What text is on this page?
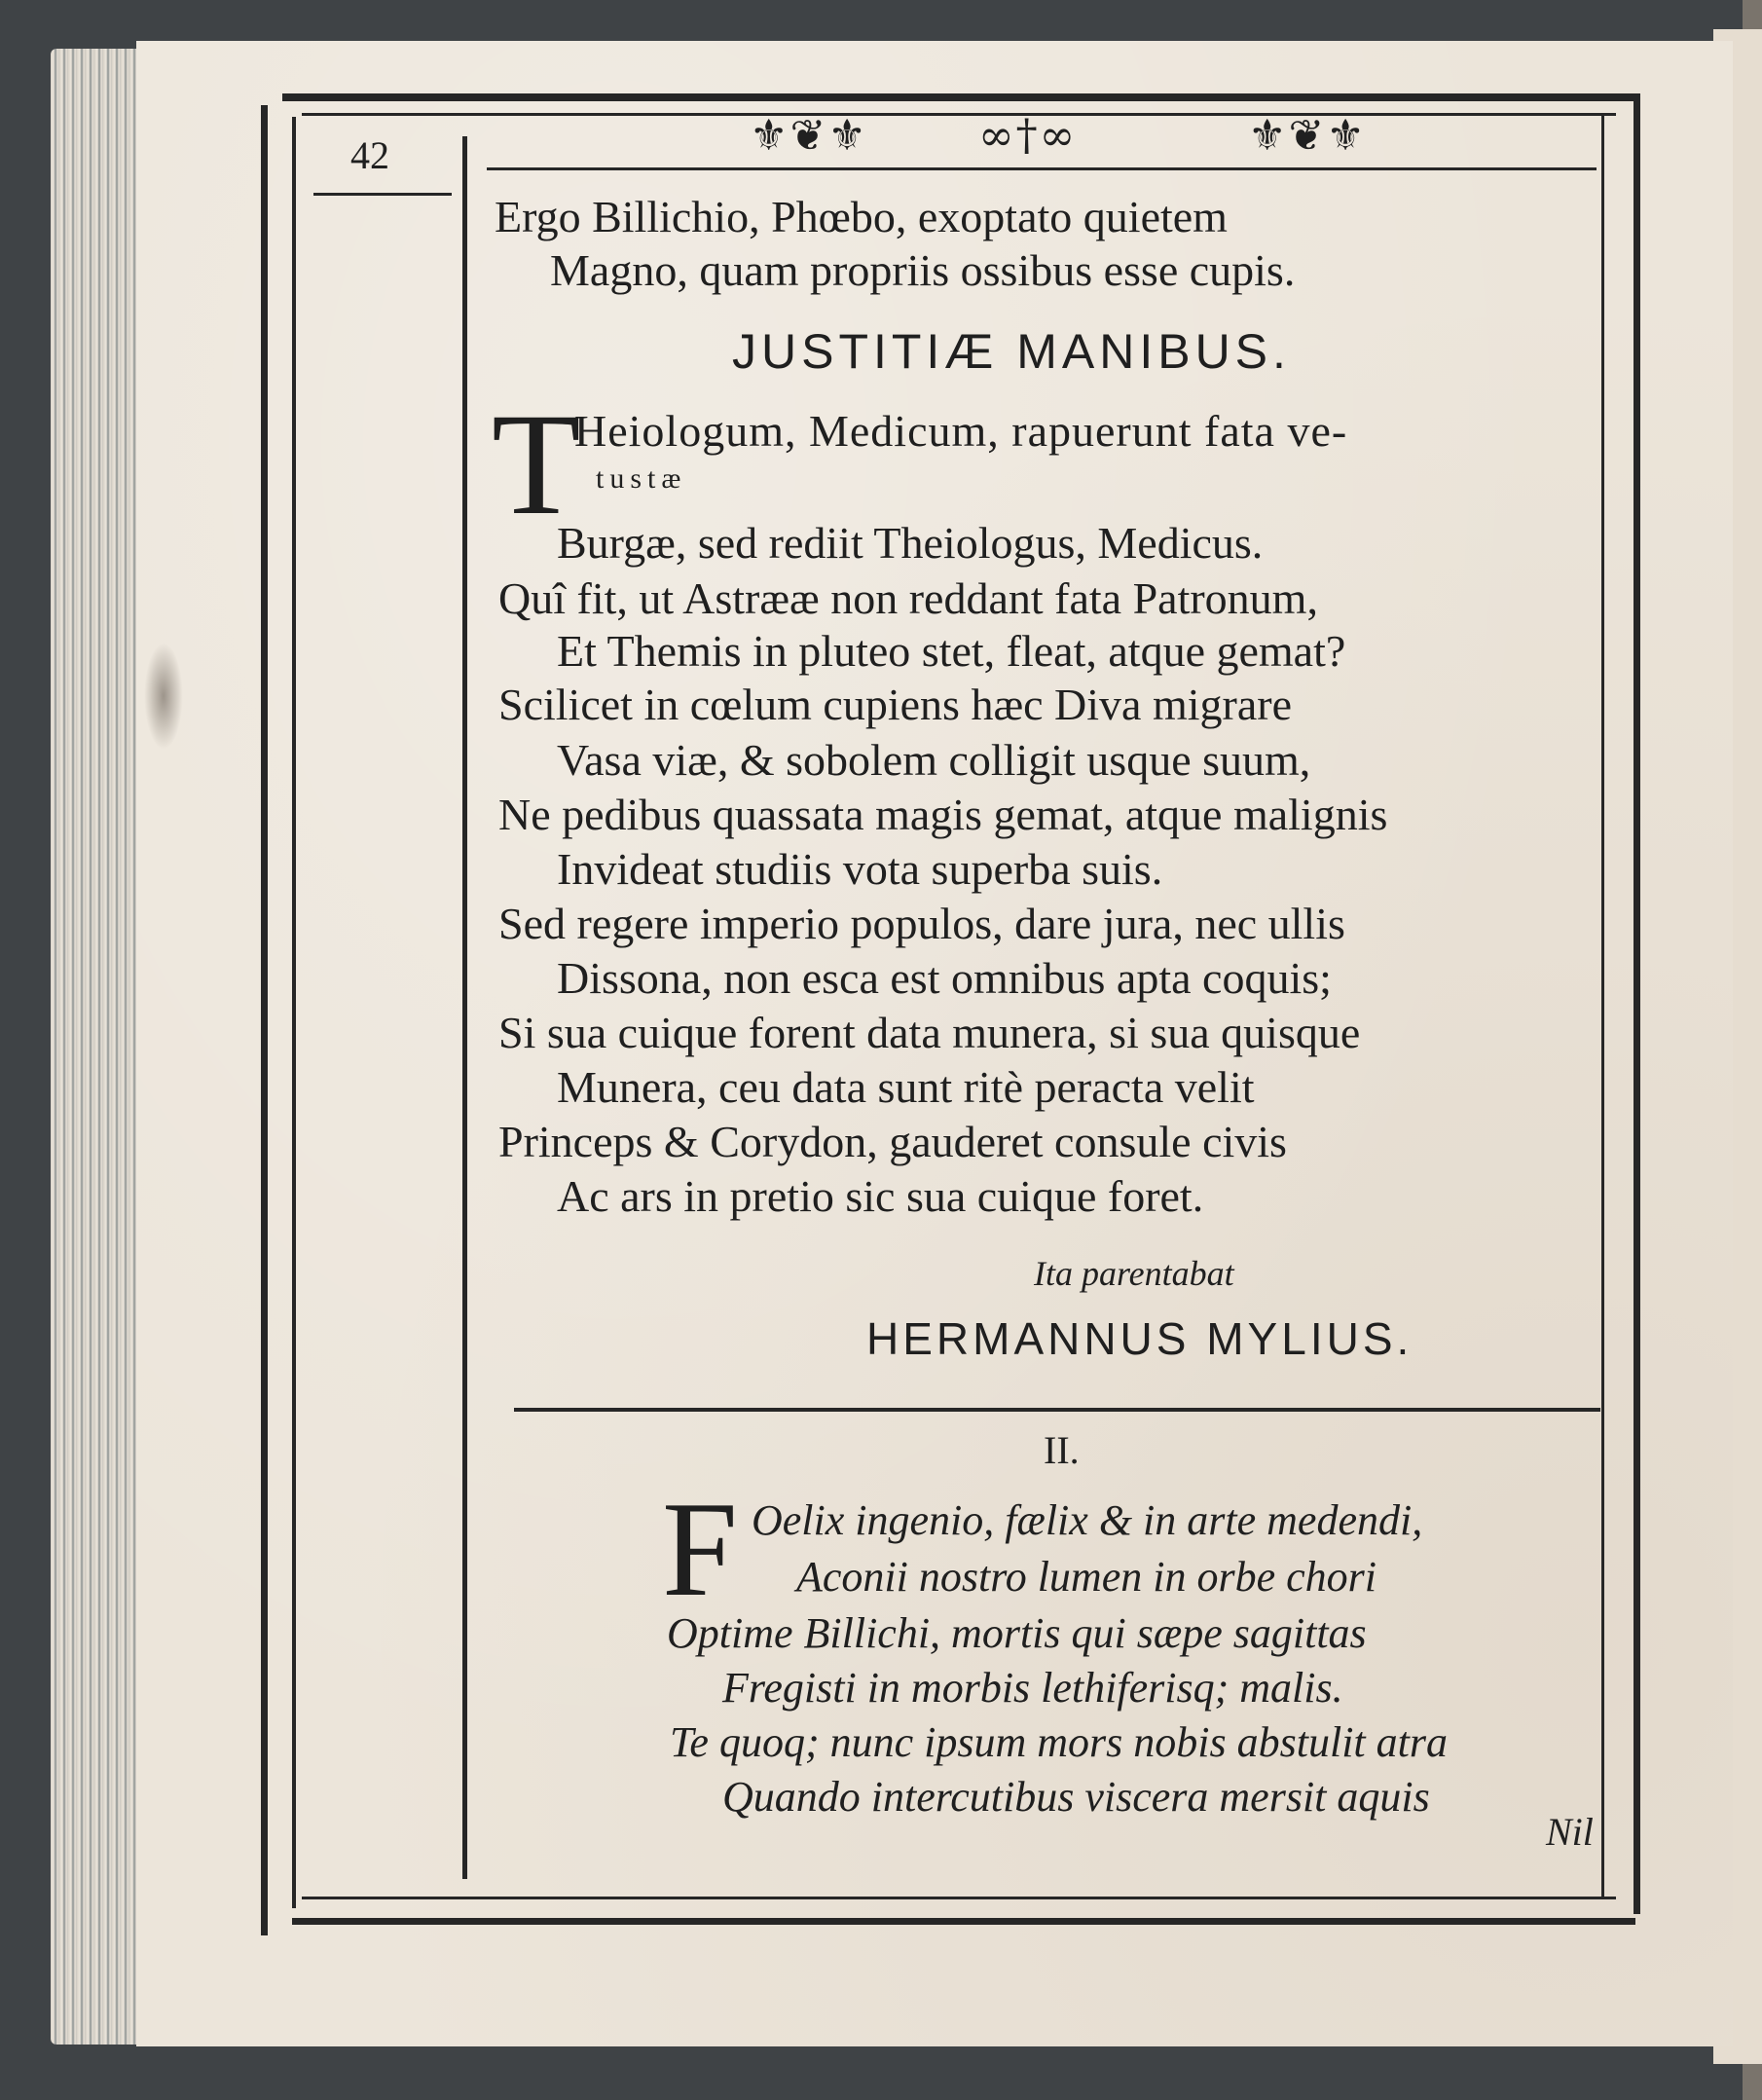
42	⚜❦⚜	∞†∞	⚜❦⚜
Ergo Billichio, Phœbo, exoptato quietem
Magno, quam propriis ossibus esse cupis.
JUSTITIÆ MANIBUS.
T
Heiologum, Medicum, rapuerunt fata ve-
tustæ
Burgæ, sed rediit Theiologus, Medicus.
Quî fit, ut Astrææ non reddant fata Patronum,
Et Themis in pluteo stet, fleat, atque gemat?
Scilicet in cœlum cupiens hæc Diva migrare
Vasa viæ, & sobolem colligit usque suum,
Ne pedibus quassata magis gemat, atque malignis
Invideat studiis vota superba suis.
Sed regere imperio populos, dare jura, nec ullis
Dissona, non esca est omnibus apta coquis;
Si sua cuique forent data munera, si sua quisque
Munera, ceu data sunt ritè peracta velit
Princeps & Corydon, gauderet consule civis
Ac ars in pretio sic sua cuique foret.
Ita parentabat
HERMANNUS MYLIUS.
II.
F Oelix ingenio, fælix & in arte medendi,
Aconii nostro lumen in orbe chori
Optime Billichi, mortis qui sæpe sagittas
Fregisti in morbis lethiferisq; malis.
Te quoq; nunc ipsum mors nobis abstulit atra
Quando intercutibus viscera mersit aquis
Nil
